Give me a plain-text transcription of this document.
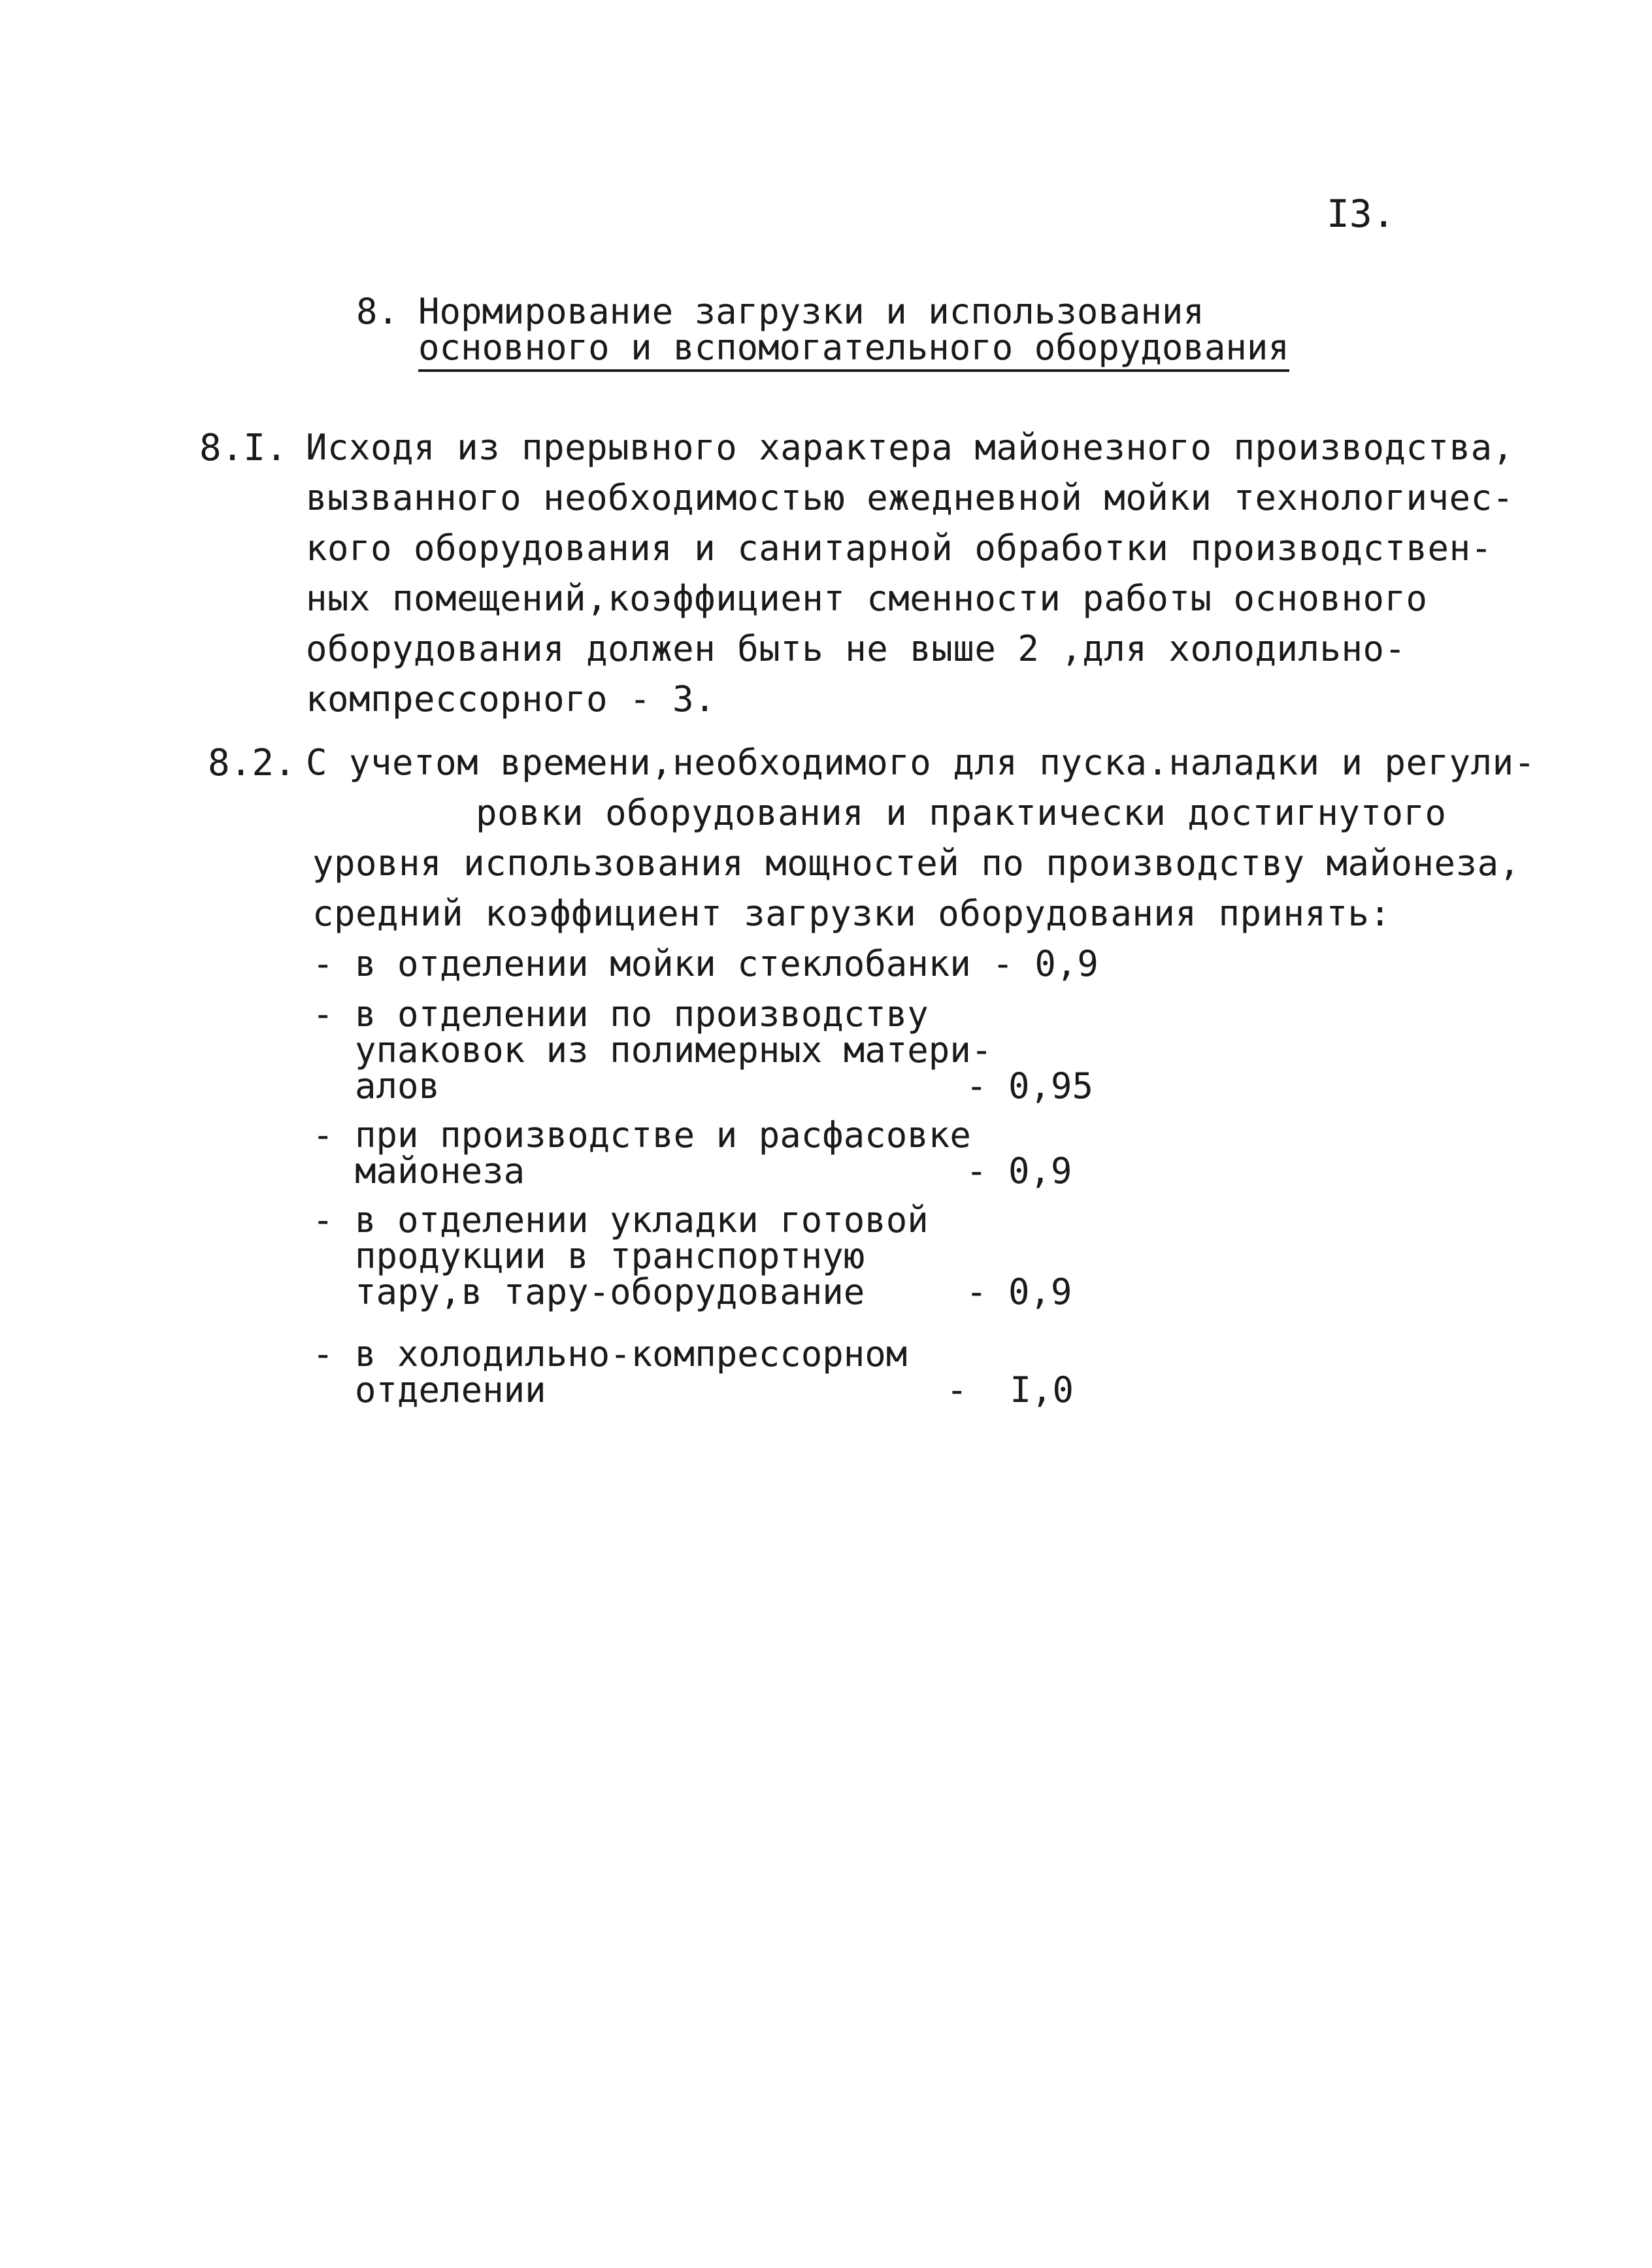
I3.
8. Нормирование загрузки и использования
основного и вспомогательного оборудования
8.I. Исходя из прерывного характера майонезного производства,
вызванного необходимостью ежедневной мойки технологичес-
кого оборудования и санитарной обработки производствен-
ных помещений,коэффициент сменности работы основного
оборудования должен быть не выше 2 ,для холодильно-
компрессорного - 3.
8.2. С учетом времени,необходимого для пуска.наладки и регули-
ровки оборудования и практически достигнутого
уровня использования мощностей по производству майонеза,
средний коэффициент загрузки оборудования принять:
- в отделении мойки стеклобанки - 0,9
- в отделении по производству
упаковок из полимерных матери-
алов	- 0,95
- при производстве и расфасовке
майонеза	- 0,9
- в отделении укладки готовой
продукции в транспортную
тару,в тару-оборудование	- 0,9
- в холодильно-компрессорном
отделении	-  I,0
